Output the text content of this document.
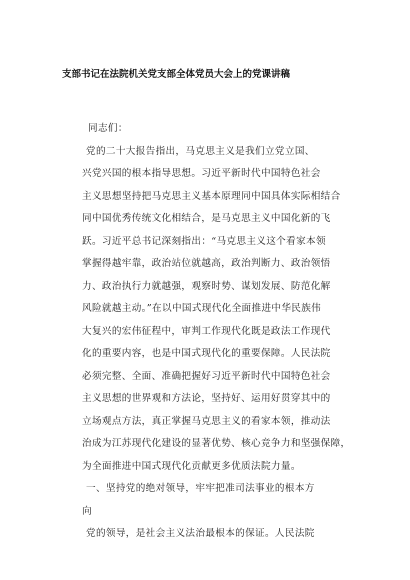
支部书记在法院机关党支部全体党员大会上的党课讲稿
同志们：
党的二十大报告指出，马克思主义是我们立党立国、
兴党兴国的根本指导思想。习近平新时代中国特色社会
主义思想坚持把马克思主义基本原理同中国具体实际相结合
同中国优秀传统文化相结合，是马克思主义中国化新的飞
跃。习近平总书记深刻指出：“马克思主义这个看家本领
掌握得越牢靠，政治站位就越高，政治判断力、政治领悟
力、政治执行力就越强，观察时势、谋划发展、防范化解
风险就越主动。”在以中国式现代化全面推进中华民族伟
大复兴的宏伟征程中，审判工作现代化既是政法工作现代
化的重要内容，也是中国式现代化的重要保障。人民法院
必须完整、全面、准确把握好习近平新时代中国特色社会
主义思想的世界观和方法论，坚持好、运用好贯穿其中的
立场观点方法，真正掌握马克思主义的看家本领，推动法
治成为江苏现代化建设的显著优势、核心竞争力和坚强保障，
为全面推进中国式现代化贡献更多优质法院力量。
一、坚持党的绝对领导，牢牢把准司法事业的根本方
向
党的领导，是社会主义法治最根本的保证。人民法院
